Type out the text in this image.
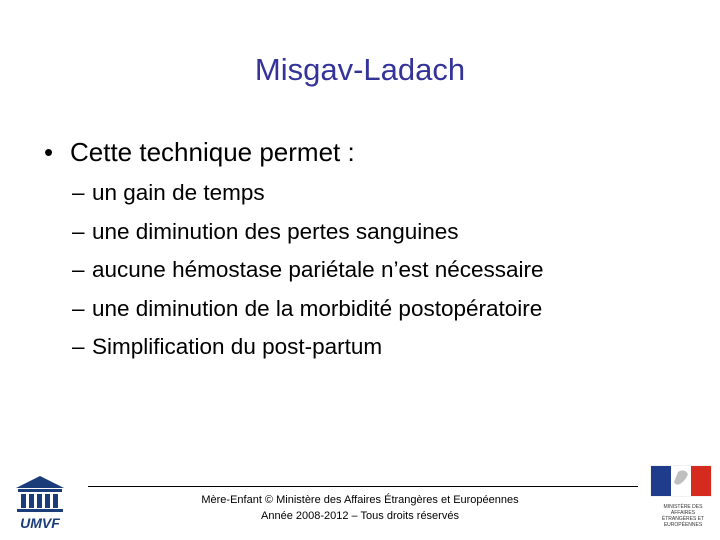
Misgav-Ladach
• Cette technique permet :
– un gain de temps
– une diminution des pertes sanguines
– aucune hémostase pariétale n’est nécessaire
– une diminution de la morbidité postopératoire
– Simplification du post-partum
UMVF
Mère-Enfant © Ministère des Affaires Étrangères et Européennes
Année 2008-2012 – Tous droits réservés
MINISTÈRE DES AFFAIRES ÉTRANGÈRES ET EUROPÉENNES
